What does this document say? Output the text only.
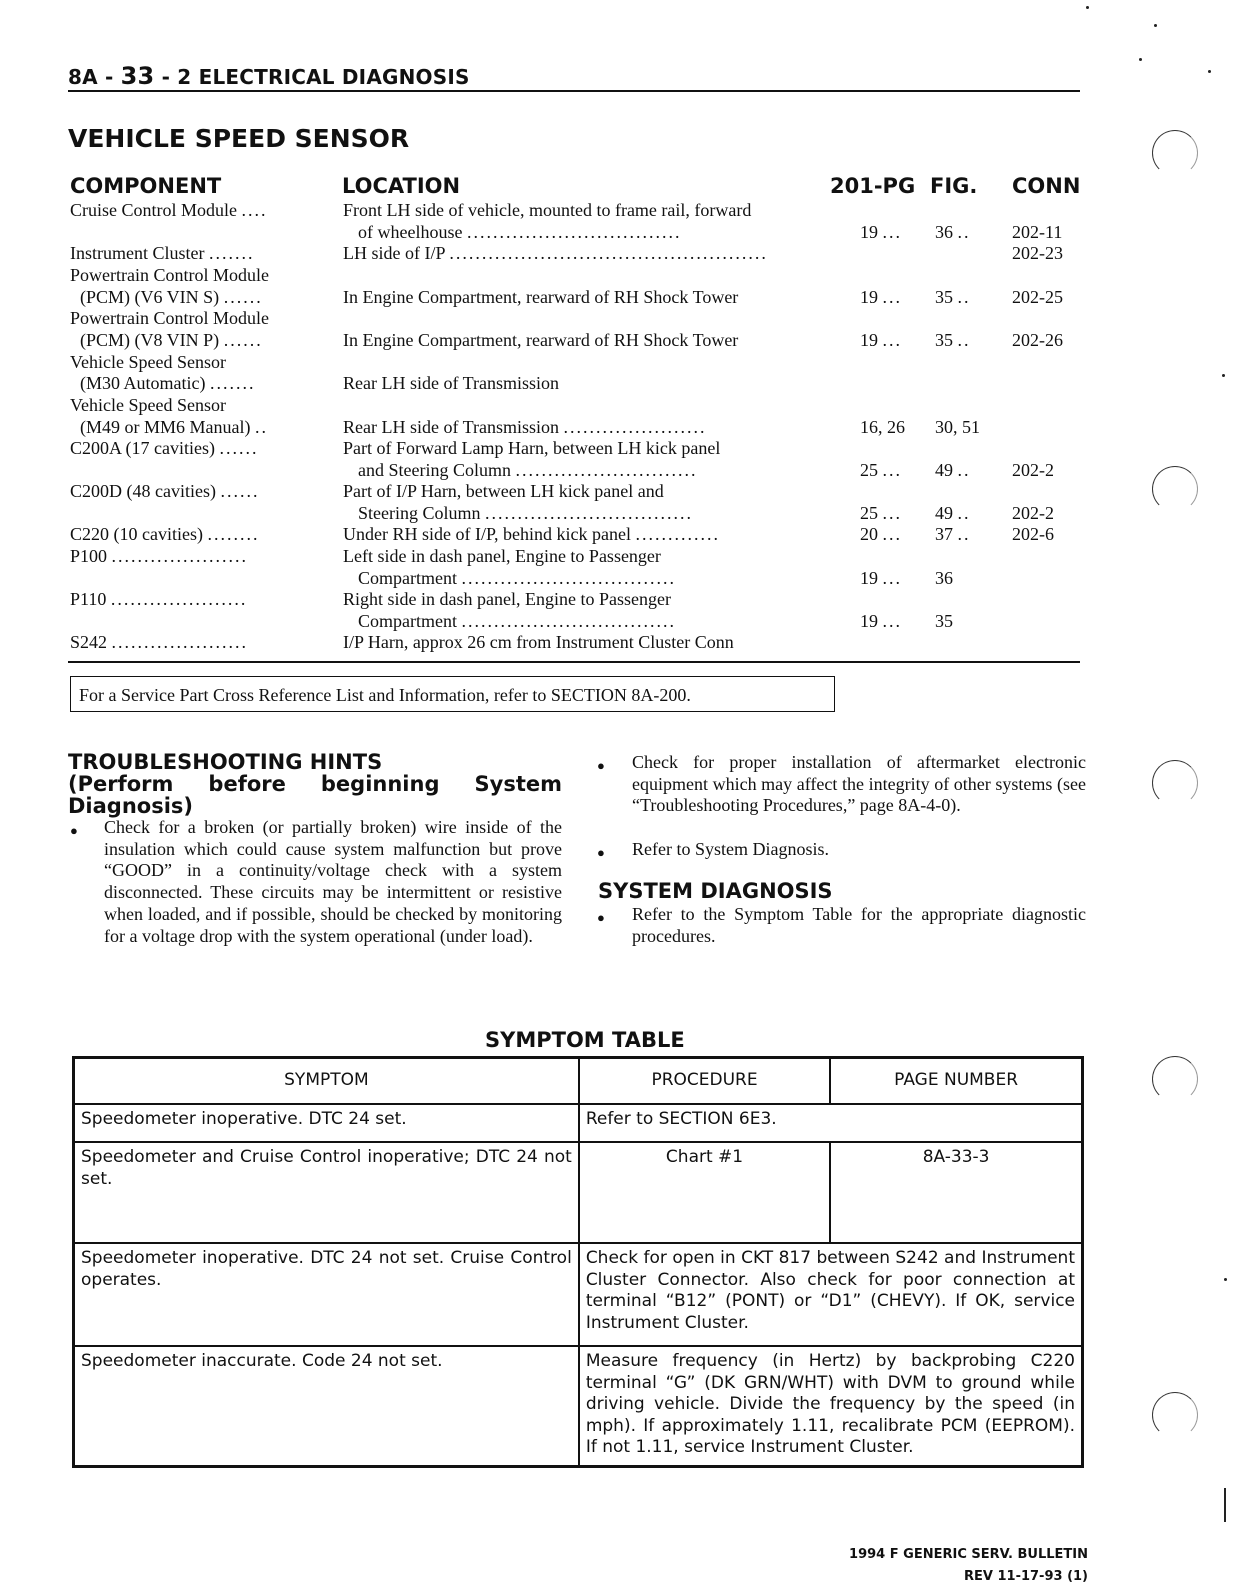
8A - 33 - 2 ELECTRICAL DIAGNOSIS
VEHICLE SPEED SENSOR
COMPONENT	LOCATION	201-PG FIG. CONN
Cruise Control Module ....	Front LH side of vehicle, mounted to frame rail, forward
of wheelhouse .................................	19 ... 36 .. 202-11
Instrument Cluster .......	LH side of I/P .................................................	202-23
Powertrain Control Module
(PCM) (V6 VIN S) ......	In Engine Compartment, rearward of RH Shock Tower	19 ... 35 .. 202-25
Powertrain Control Module
(PCM) (V8 VIN P) ......	In Engine Compartment, rearward of RH Shock Tower	19 ... 35 .. 202-26
Vehicle Speed Sensor
(M30 Automatic) .......	Rear LH side of Transmission
Vehicle Speed Sensor
(M49 or MM6 Manual) ..	Rear LH side of Transmission ......................	16, 26 30, 51
C200A (17 cavities) ......	Part of Forward Lamp Harn, between LH kick panel
and Steering Column ............................	25 ... 49 .. 202-2
C200D (48 cavities) ......	Part of I/P Harn, between LH kick panel and
Steering Column ................................	25 ... 49 .. 202-2
C220 (10 cavities) ........	Under RH side of I/P, behind kick panel .............	20 ... 37 .. 202-6
P100 .....................	Left side in dash panel, Engine to Passenger
Compartment .................................	19 ... 36
P110 .....................	Right side in dash panel, Engine to Passenger
Compartment .................................	19 ... 35
S242 .....................	I/P Harn, approx 26 cm from Instrument Cluster Conn
For a Service Part Cross Reference List and Information, refer to SECTION 8A-200.
TROUBLESHOOTING HINTS
(Perform before beginning System
Diagnosis)
● Check for a broken (or partially broken) wire inside of the insulation which could cause system malfunction but prove “GOOD” in a continuity/voltage check with a system disconnected. These circuits may be intermittent or resistive when loaded, and if possible, should be checked by monitoring for a voltage drop with the system operational (under load).
● Check for proper installation of aftermarket electronic equipment which may affect the integrity of other systems (see “Troubleshooting Procedures,” page 8A-4-0).
● Refer to System Diagnosis.
SYSTEM DIAGNOSIS
● Refer to the Symptom Table for the appropriate diagnostic procedures.
SYMPTOM TABLE
SYMPTOM	PROCEDURE	PAGE NUMBER
Speedometer inoperative. DTC 24 set.	Refer to SECTION 6E3.	
Speedometer and Cruise Control inoperative; DTC 24 not set.	Chart #1	8A-33-3
Speedometer inoperative. DTC 24 not set. Cruise Control operates.	Check for open in CKT 817 between S242 and Instrument Cluster Connector. Also check for poor connection at terminal “B12” (PONT) or “D1” (CHEVY). If OK, service Instrument Cluster.	
Speedometer inaccurate. Code 24 not set.	Measure frequency (in Hertz) by backprobing C220 terminal “G” (DK GRN/WHT) with DVM to ground while driving vehicle. Divide the frequency by the speed (in mph). If approximately 1.11, recalibrate PCM (EEPROM). If not 1.11, service Instrument Cluster.	
1994 F GENERIC SERV. BULLETIN
REV 11-17-93 (1)
